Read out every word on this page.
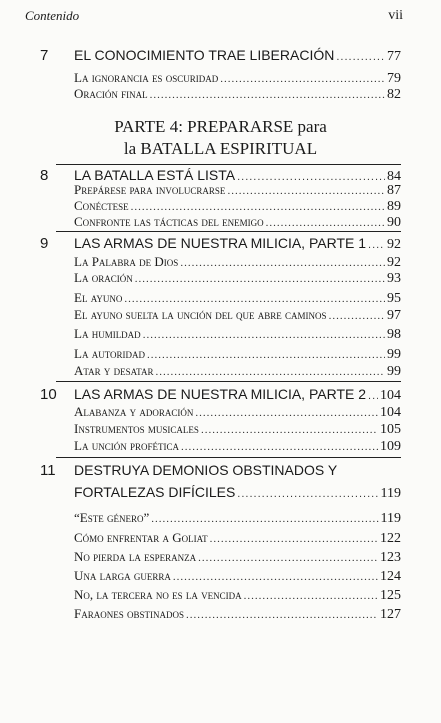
Contenido	vii
7	EL CONOCIMIENTO TRAE LIBERACIÓN .....	77
La ignorancia es oscuridad .....	79
Oración final .....	82
PARTE 4: PREPARARSE para
la BATALLA ESPIRITUAL
8	LA BATALLA ESTÁ LISTA .....	84
Prepárese para involucrarse .....	87
Conéctese .....	89
Confronte las tácticas del enemigo .....	90
9	LAS ARMAS DE NUESTRA MILICIA, PARTE 1 ..... 92
La Palabra de Dios .....	92
La oración .....	93
El ayuno .....	95
El ayuno suelta la unción del que abre caminos .....	97
La humildad .....	98
La autoridad .....	99
Atar y desatar .....	99
10	LAS ARMAS DE NUESTRA MILICIA, PARTE 2 ..... 104
Alabanza y adoración .....	104
Instrumentos musicales .....	105
La unción profética .....	109
11	DESTRUYA DEMONIOS OBSTINADOS Y
FORTALEZAS DIFÍCILES .....	119
“Este género” .....	119
Cómo enfrentar a Goliat .....	122
No pierda la esperanza .....	123
Una larga guerra .....	124
No, la tercera no es la vencida .....	125
Faraones obstinados .....	127
